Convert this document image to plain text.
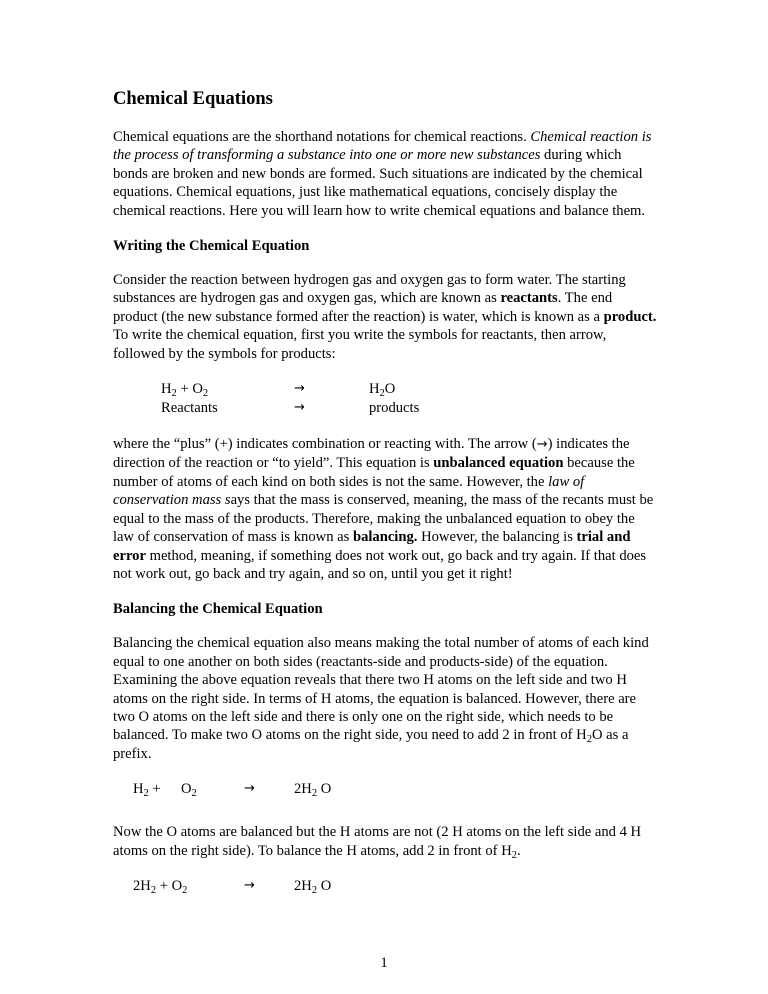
Chemical Equations

Chemical equations are the shorthand notations for chemical reactions. Chemical reaction is the process of transforming a substance into one or more new substances during which bonds are broken and new bonds are formed. Such situations are indicated by the chemical equations. Chemical equations, just like mathematical equations, concisely display the chemical reactions. Here you will learn how to write chemical equations and balance them.

Writing the Chemical Equation

Consider the reaction between hydrogen gas and oxygen gas to form water. The starting substances are hydrogen gas and oxygen gas, which are known as reactants. The end product (the new substance formed after the reaction) is water, which is known as a product. To write the chemical equation, first you write the symbols for reactants, then arrow, followed by the symbols for products:

$H_2 + O_2$	→	$H_2O$
Reactants	→	products

where the “plus” (+) indicates combination or reacting with. The arrow (→) indicates the direction of the reaction or “to yield”. This equation is unbalanced equation because the number of atoms of each kind on both sides is not the same. However, the law of conservation mass says that the mass is conserved, meaning, the mass of the recants must be equal to the mass of the products. Therefore, making the unbalanced equation to obey the law of conservation of mass is known as balancing. However, the balancing is trial and error method, meaning, if something does not work out, go back and try again. If that does not work out, go back and try again, and so on, until you get it right!

Balancing the Chemical Equation

Balancing the chemical equation also means making the total number of atoms of each kind equal to one another on both sides (reactants-side and products-side) of the equation. Examining the above equation reveals that there two H atoms on the left side and two H atoms on the right side. In terms of H atoms, the equation is balanced. However, there are two O atoms on the left side and there is only one on the right side, which needs to be balanced. To make two O atoms on the right side, you need to add 2 in front of $H_2O$ as a prefix.

$H_2 + O_2$	→	$2H_2$ O

Now the O atoms are balanced but the H atoms are not (2 H atoms on the left side and 4 H atoms on the right side). To balance the H atoms, add 2 in front of $H_2$.

$2H_2 + O_2$	→	$2H_2$ O
1
